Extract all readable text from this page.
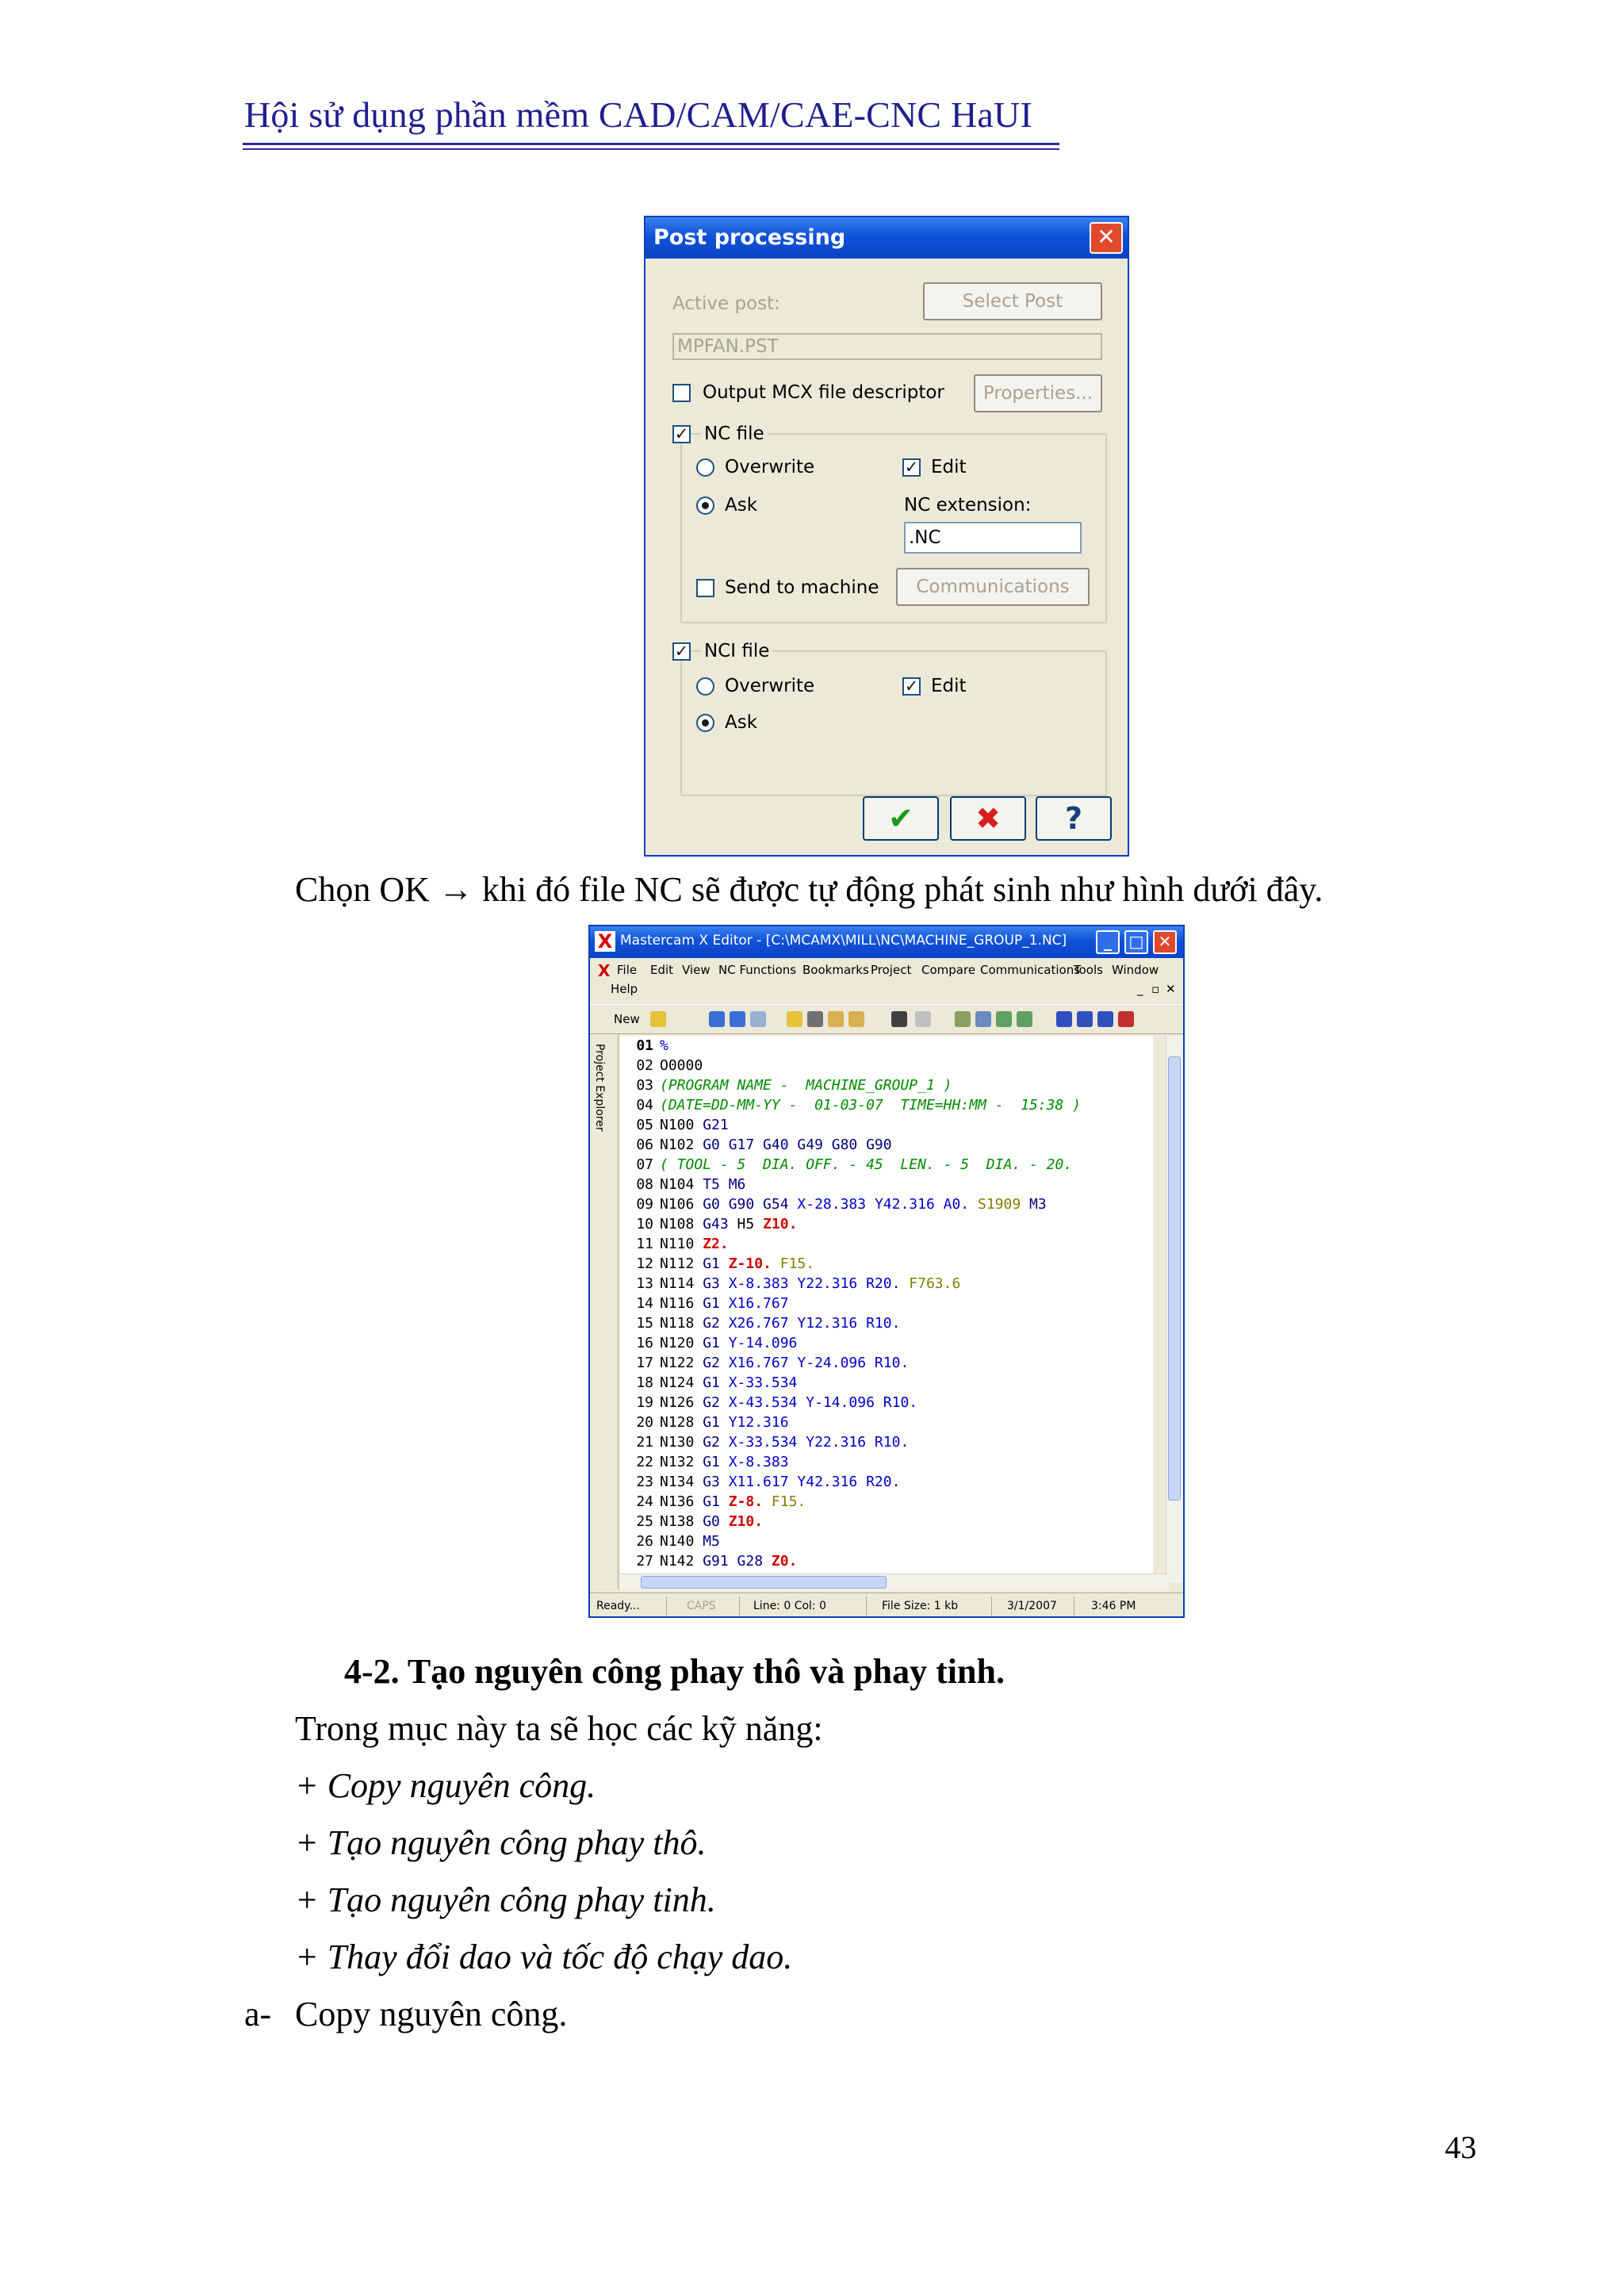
Hội sử dụng phần mềm CAD/CAM/CAE-CNC HaUI
Post processing	✕
Active post:	Select Post
MPFAN.PST
Output MCX file descriptor	Properties...
✓ NC file
Overwrite	✓ Edit
Ask	NC extension:
.NC
Send to machine	Communications
✓ NCI file
Overwrite	✓ Edit
Ask
✔	✖	?
Chọn OK → khi đó file NC sẽ được tự động phát sinh như hình dưới đây.
X Mastercam X Editor - [C:\MCAMX\MILL\NC\MACHINE_GROUP_1.NC]	_	□ ✕
X File Edit View NC Functions Bookmarks Project Compare Communications
Tools Window
Help	_ ▫ ✕
New
Project Explorer	01 %
02 O0000
03 (PROGRAM NAME -  MACHINE_GROUP_1 )
04 (DATE=DD-MM-YY -  01-03-07  TIME=HH:MM -  15:38 )
05 N100 G21
06 N102 G0 G17 G40 G49 G80 G90
07 ( TOOL - 5  DIA. OFF. - 45  LEN. - 5  DIA. - 20.
08 N104 T5 M6
09 N106 G0 G90 G54 X-28.383 Y42.316 A0. S1909 M3
10 N108 G43 H5 Z10.
11 N110 Z2.
12 N112 G1 Z-10. F15.
13 N114 G3 X-8.383 Y22.316 R20. F763.6
14 N116 G1 X16.767
15 N118 G2 X26.767 Y12.316 R10.
16 N120 G1 Y-14.096
17 N122 G2 X16.767 Y-24.096 R10.
18 N124 G1 X-33.534
19 N126 G2 X-43.534 Y-14.096 R10.
20 N128 G1 Y12.316
21 N130 G2 X-33.534 Y22.316 R10.
22 N132 G1 X-8.383
23 N134 G3 X11.617 Y42.316 R20.
24 N136 G1 Z-8. F15.
25 N138 G0 Z10.
26 N140 M5
27 N142 G91 G28 Z0.
Ready...	CAPS	Line: 0 Col: 0	File Size: 1 kb	3/1/2007	3:46 PM
4-2. Tạo nguyên công phay thô và phay tinh.
Trong mục này ta sẽ học các kỹ năng:
+ Copy nguyên công.
+ Tạo nguyên công phay thô.
+ Tạo nguyên công phay tinh.
+ Thay đổi dao và tốc độ chạy dao.
a- Copy nguyên công.
43
